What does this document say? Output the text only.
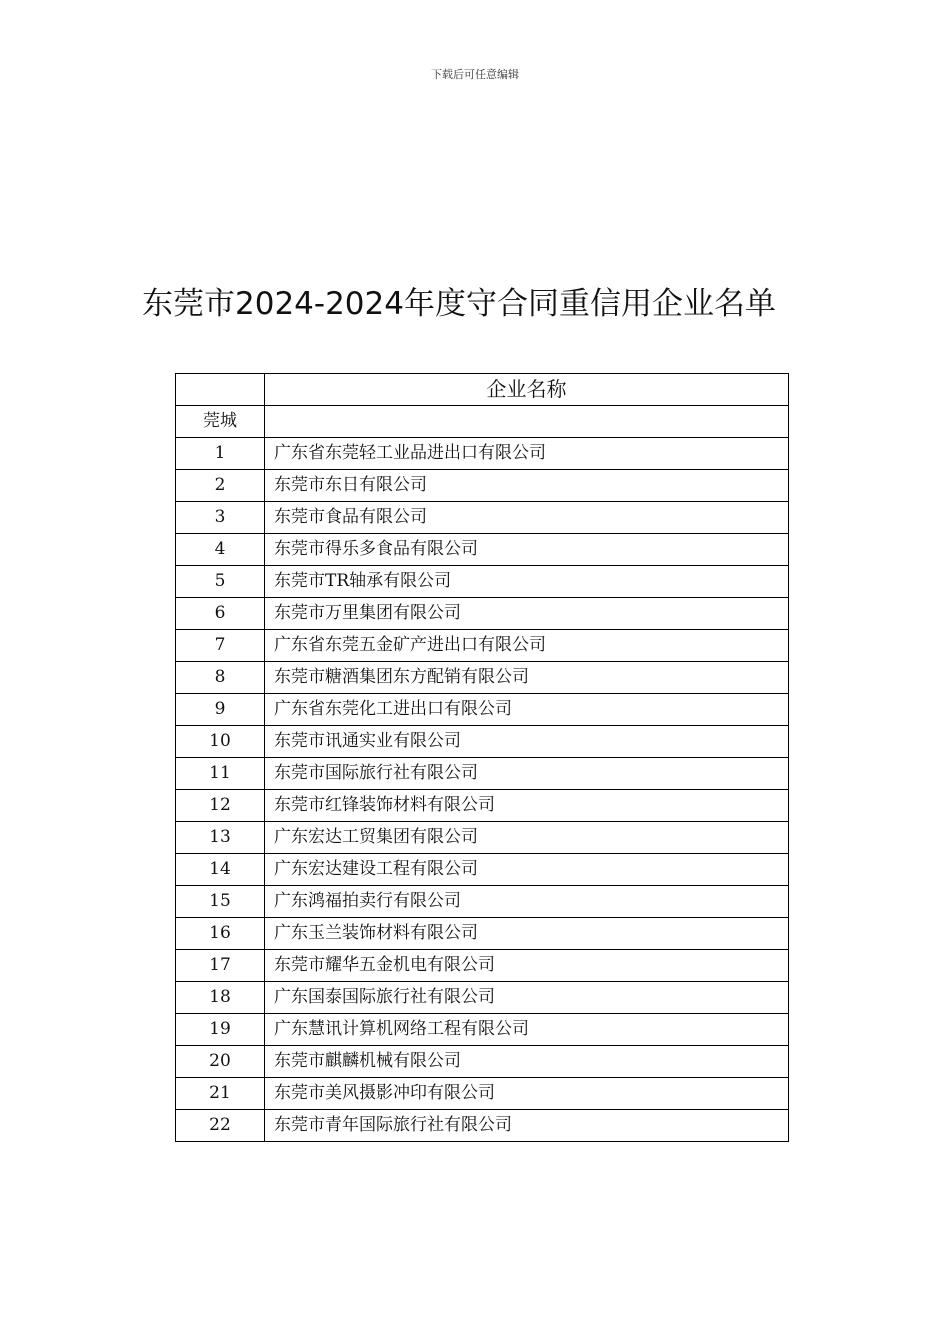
下载后可任意编辑
东莞市2024-2024年度守合同重信用企业名单
	企业名称
莞城	
1	广东省东莞轻工业品进出口有限公司
2	东莞市东日有限公司
3	东莞市食品有限公司
4	东莞市得乐多食品有限公司
5	东莞市TR轴承有限公司
6	东莞市万里集团有限公司
7	广东省东莞五金矿产进出口有限公司
8	东莞市糖酒集团东方配销有限公司
9	广东省东莞化工进出口有限公司
10	东莞市讯通实业有限公司
11	东莞市国际旅行社有限公司
12	东莞市红锋装饰材料有限公司
13	广东宏达工贸集团有限公司
14	广东宏达建设工程有限公司
15	广东鸿福拍卖行有限公司
16	广东玉兰装饰材料有限公司
17	东莞市耀华五金机电有限公司
18	广东国泰国际旅行社有限公司
19	广东慧讯计算机网络工程有限公司
20	东莞市麒麟机械有限公司
21	东莞市美风摄影冲印有限公司
22	东莞市青年国际旅行社有限公司
